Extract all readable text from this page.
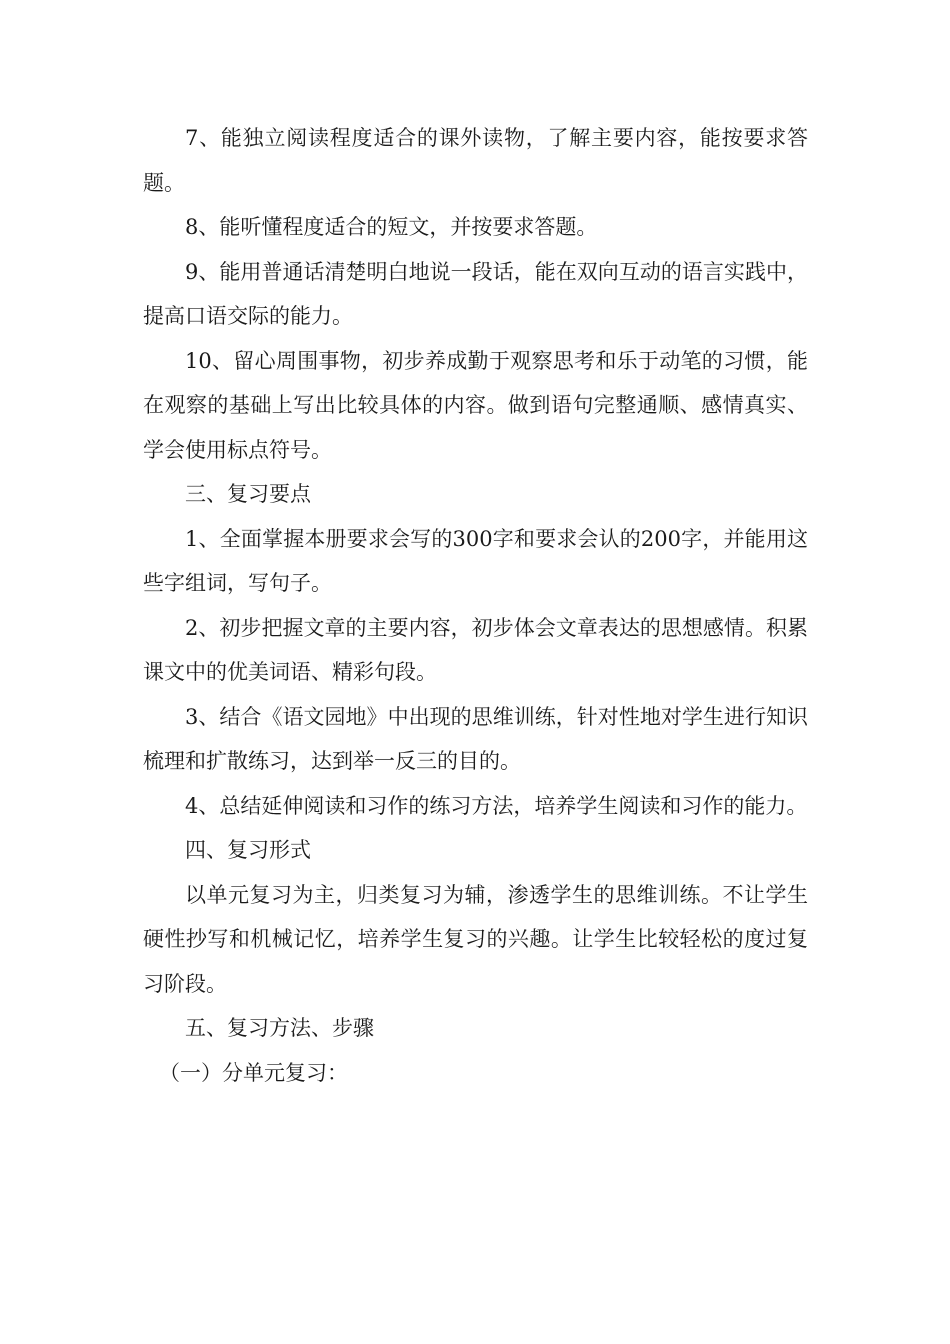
7、能独立阅读程度适合的课外读物，了解主要内容，能按要求答题。

8、能听懂程度适合的短文，并按要求答题。

9、能用普通话清楚明白地说一段话，能在双向互动的语言实践中，提高口语交际的能力。

10、留心周围事物，初步养成勤于观察思考和乐于动笔的习惯，能在观察的基础上写出比较具体的内容。做到语句完整通顺、感情真实、学会使用标点符号。

三、复习要点

1、全面掌握本册要求会写的300字和要求会认的200字，并能用这些字组词，写句子。

2、初步把握文章的主要内容，初步体会文章表达的思想感情。积累课文中的优美词语、精彩句段。

3、结合《语文园地》中出现的思维训练，针对性地对学生进行知识梳理和扩散练习，达到举一反三的目的。

4、总结延伸阅读和习作的练习方法，培养学生阅读和习作的能力。

四、复习形式

以单元复习为主，归类复习为辅，渗透学生的思维训练。不让学生硬性抄写和机械记忆，培养学生复习的兴趣。让学生比较轻松的度过复习阶段。

五、复习方法、步骤

（一）分单元复习：
